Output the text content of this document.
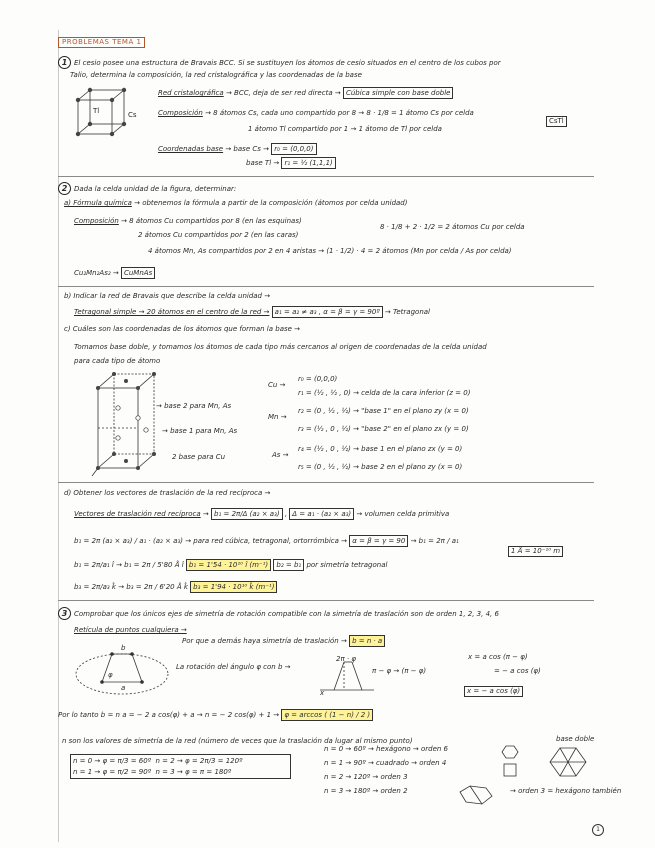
PROBLEMAS TEMA 1
1 El cesio posee una estructura de Bravais BCC. Si se sustituyen los átomos de cesio situados en el centro de los cubos por
Talio, determina la composición, la red cristalográfica y las coordenadas de la base
Tl	Cs
Red cristalográfica → BCC, deja de ser red directa → Cúbica simple con base doble
Composición → 8 átomos Cs, cada uno compartido por 8 → 8 · 1/8 = 1 átomo Cs por celda
1 átomo Tl compartido por 1 → 1 átomo de Tl por celda
CsTl
Coordenadas base → base Cs → r₀ = (0,0,0)
base Tl → r₁ = ½ (1,1,1)
2 Dada la celda unidad de la figura, determinar:
a) Fórmula química → obtenemos la fórmula a partir de la composición (átomos por celda unidad)
Composición → 8 átomos Cu compartidos por 8 (en las esquinas)
2 átomos Cu compartidos por 2 (en las caras)
8 · 1/8 + 2 · 1/2 = 2 átomos Cu por celda
4 átomos Mn, As compartidos por 2 en 4 aristas → (1 · 1/2) · 4 = 2 átomos (Mn por celda / As por celda)
Cu₂Mn₂As₂ → CuMnAs
b) Indicar la red de Bravais que describe la celda unidad →
Tetragonal simple → 20 átomos en el centro de la red → a₁ = a₂ ≠ a₃ , α = β = γ = 90º → Tetragonal
c) Cuáles son las coordenadas de los átomos que forman la base →
Tomamos base doble, y tomamos los átomos de cada tipo más cercanos al origen de coordenadas de la celda unidad
para cada tipo de átomo
→ base 2 para Mn, As
→ base 1 para Mn, As
2 base para Cu
Cu →
r₀ = (0,0,0)
r₁ = (½ , ½ , 0) → celda de la cara inferior (z = 0)
Mn →
r₂ = (0 , ½ , ½) → "base 1" en el plano zy (x = 0)
r₃ = (½ , 0 , ½) → "base 2" en el plano zx (y = 0)
As →
r₄ = (½ , 0 , ½) → base 1 en el plano zx (y = 0)
r₅ = (0 , ½ , ½) → base 2 en el plano zy (x = 0)
d) Obtener los vectores de traslación de la red recíproca →
Vectores de traslación red recíproca → b₁ = 2π/Δ (a₂ × a₃) , Δ = a₁ · (a₂ × a₃) → volumen celda primitiva
b₁ = 2π (a₂ × a₃) / a₁ · (a₂ × a₃) → para red cúbica, tetragonal, ortorrómbica → α = β = γ = 90 → b₁ = 2π / a₁
b₁ = 2π/a₁ î → b₁ = 2π / 5'80 Å î b₁ = 1'54 · 10¹⁰ î (m⁻¹) b₂ = b₁ por simetría tetragonal
1 Å = 10⁻¹⁰ m
b₃ = 2π/a₃ k̂ → b₃ = 2π / 6'20 Å k̂ b₃ = 1'94 · 10¹⁰ k̂ (m⁻¹)
3 Comprobar que los únicos ejes de simetría de rotación compatible con la simetría de traslación son de orden 1, 2, 3, 4, 6
Retícula de puntos cualquiera →
a
b
φ
Por que a demás haya simetría de traslación → b = n · a
La rotación del ángulo φ con b →
2π · φ
π − φ → (π − φ)
x
x = a cos (π − φ)
= − a cos (φ)
x = − a cos (φ)
Por lo tanto b = n a = − 2 a cos(φ) + a → n = − 2 cos(φ) + 1 → φ = arccos ( (1 − n) / 2 )
n son los valores de simetría de la red (número de veces que la traslación da lugar al mismo punto)
n = 0 → φ = π/3 = 60º n = 2 → φ = 2π/3 = 120º
n = 1 → φ = π/2 = 90º n = 3 → φ = π = 180º
n = 0 → 60º → hexágono → orden 6
n = 1 → 90º → cuadrado → orden 4
n = 2 → 120º → orden 3
n = 3 → 180º → orden 2
base doble
→ orden 3 = hexágono también
1
